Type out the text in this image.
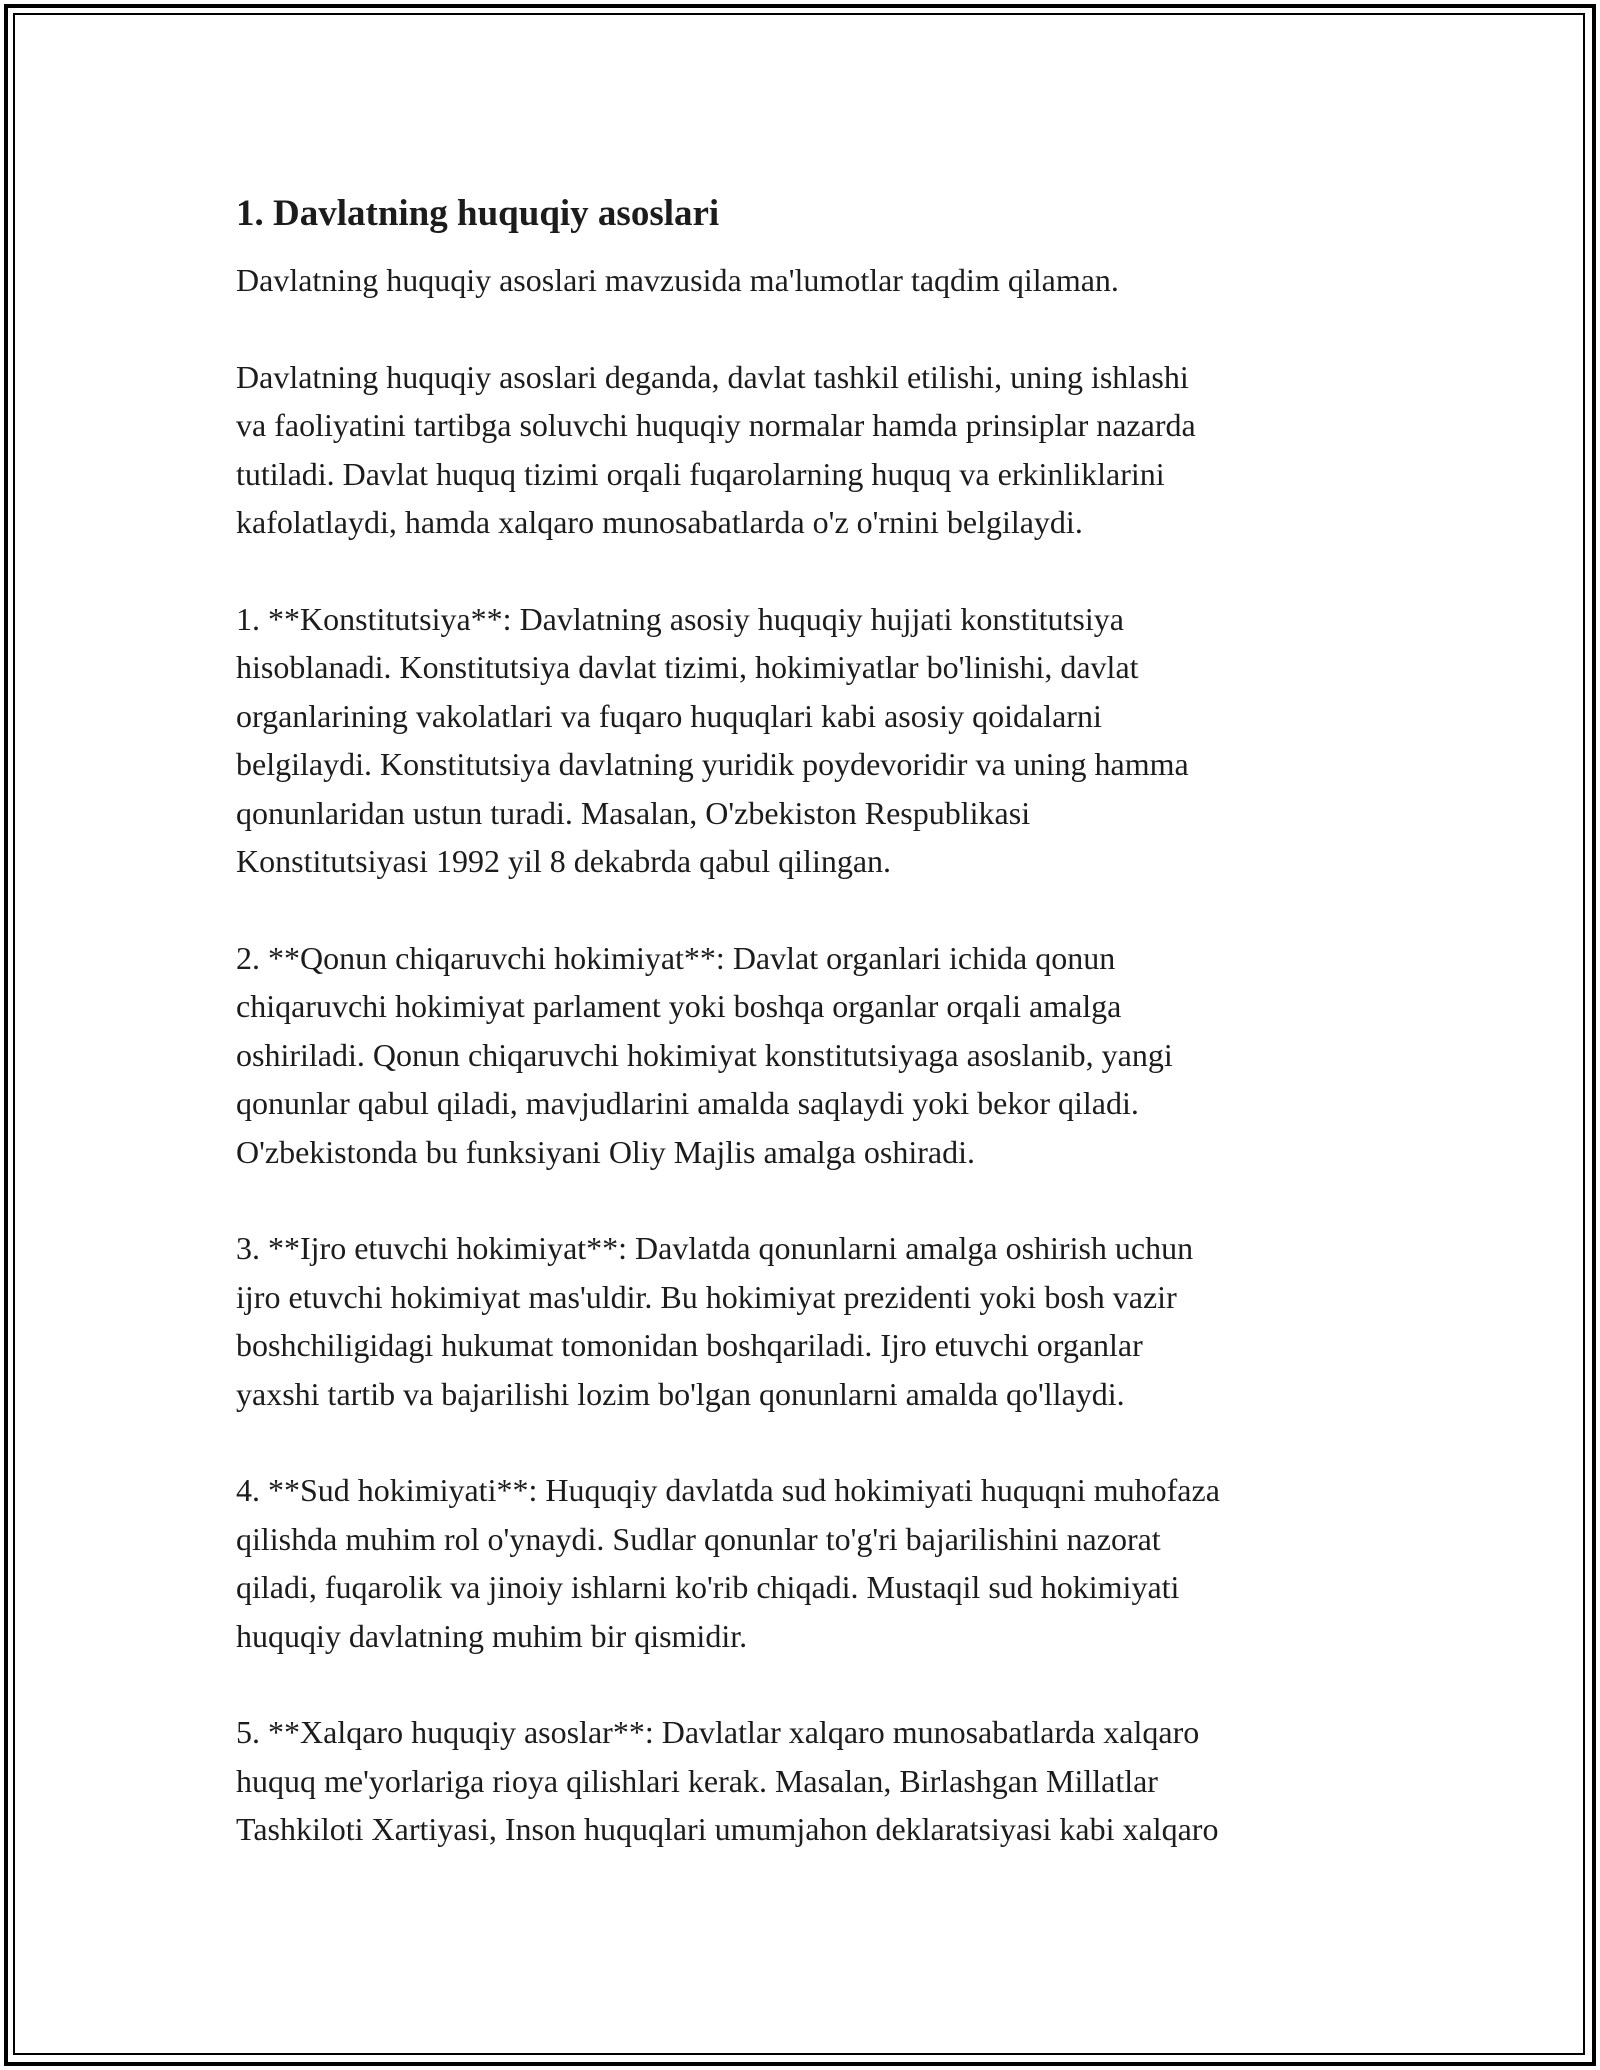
1. Davlatning huquqiy asoslari

Davlatning huquqiy asoslari mavzusida ma'lumotlar taqdim qilaman.

Davlatning huquqiy asoslari deganda, davlat tashkil etilishi, uning ishlashi
va faoliyatini tartibga soluvchi huquqiy normalar hamda prinsiplar nazarda
tutiladi. Davlat huquq tizimi orqali fuqarolarning huquq va erkinliklarini
kafolatlaydi, hamda xalqaro munosabatlarda o'z o'rnini belgilaydi.

1. **Konstitutsiya**: Davlatning asosiy huquqiy hujjati konstitutsiya
hisoblanadi. Konstitutsiya davlat tizimi, hokimiyatlar bo'linishi, davlat
organlarining vakolatlari va fuqaro huquqlari kabi asosiy qoidalarni
belgilaydi. Konstitutsiya davlatning yuridik poydevoridir va uning hamma
qonunlaridan ustun turadi. Masalan, O'zbekiston Respublikasi
Konstitutsiyasi 1992 yil 8 dekabrda qabul qilingan.

2. **Qonun chiqaruvchi hokimiyat**: Davlat organlari ichida qonun
chiqaruvchi hokimiyat parlament yoki boshqa organlar orqali amalga
oshiriladi. Qonun chiqaruvchi hokimiyat konstitutsiyaga asoslanib, yangi
qonunlar qabul qiladi, mavjudlarini amalda saqlaydi yoki bekor qiladi.
O'zbekistonda bu funksiyani Oliy Majlis amalga oshiradi.

3. **Ijro etuvchi hokimiyat**: Davlatda qonunlarni amalga oshirish uchun
ijro etuvchi hokimiyat mas'uldir. Bu hokimiyat prezidenti yoki bosh vazir
boshchiligidagi hukumat tomonidan boshqariladi. Ijro etuvchi organlar
yaxshi tartib va bajarilishi lozim bo'lgan qonunlarni amalda qo'llaydi.

4. **Sud hokimiyati**: Huquqiy davlatda sud hokimiyati huquqni muhofaza
qilishda muhim rol o'ynaydi. Sudlar qonunlar to'g'ri bajarilishini nazorat
qiladi, fuqarolik va jinoiy ishlarni ko'rib chiqadi. Mustaqil sud hokimiyati
huquqiy davlatning muhim bir qismidir.

5. **Xalqaro huquqiy asoslar**: Davlatlar xalqaro munosabatlarda xalqaro
huquq me'yorlariga rioya qilishlari kerak. Masalan, Birlashgan Millatlar
Tashkiloti Xartiyasi, Inson huquqlari umumjahon deklaratsiyasi kabi xalqaro
